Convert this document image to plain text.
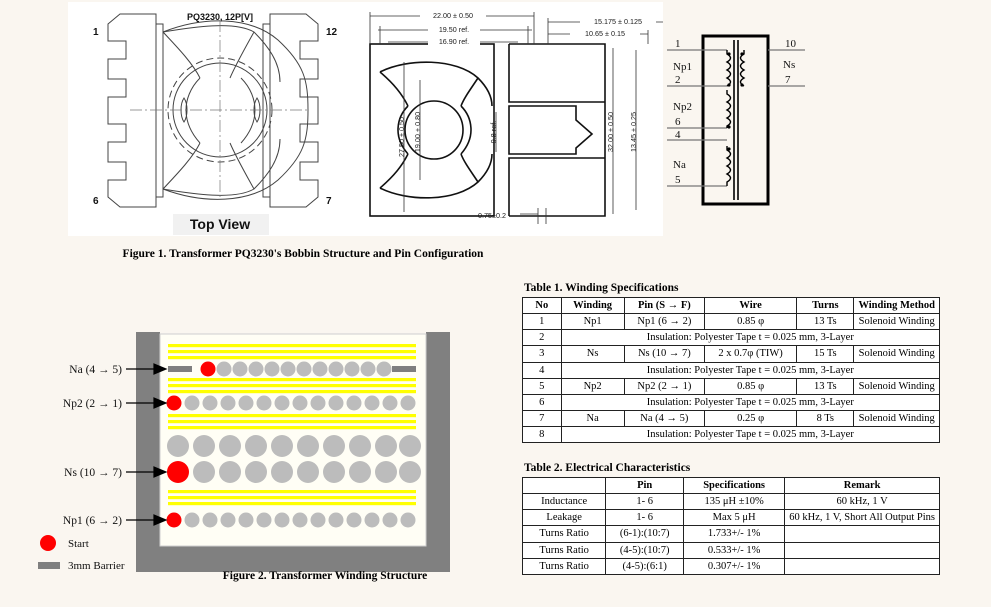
PQ3230, 12P[V]
1	12
6	7
Top View
22.00 ± 0.50
19.50 ref.
16.90 ref.
15.175 ± 0.125
10.65 ± 0.15
27.50 ± 0.50 19.00 + 0.80	9.8 ref.	13.45 ± 0.25
32.00 ± 0.50
0.75±0.2
1
2
6
4
5
10
7
Np1
Np2
Na
Ns
Figure 1. Transformer PQ3230's Bobbin Structure and Pin Configuration
Na (4 → 5)
Np2 (2 → 1)
Ns (10 → 7)
Np1 (6 → 2)
Start
3mm Barrier
Figure 2. Transformer Winding Structure
Table 1. Winding Specifications
No	Winding	Pin (S → F)	Wire	Turns	Winding Method
1	Np1	Np1 (6 → 2)	0.85 φ	13 Ts	Solenoid Winding
2	Insulation: Polyester Tape t = 0.025 mm, 3-Layer				
3	Ns	Ns (10 → 7)	2 x 0.7φ (TIW)	15 Ts	Solenoid Winding
4	Insulation: Polyester Tape t = 0.025 mm, 3-Layer				
5	Np2	Np2 (2 → 1)	0.85 φ	13 Ts	Solenoid Winding
6	Insulation: Polyester Tape t = 0.025 mm, 3-Layer				
7	Na	Na (4 → 5)	0.25 φ	8 Ts	Solenoid Winding
8	Insulation: Polyester Tape t = 0.025 mm, 3-Layer				
Table 2. Electrical Characteristics
	Pin	Specifications	Remark
Inductance	1- 6	135 μH ±10%	60 kHz, 1 V
Leakage	1- 6	Max 5 μH	60 kHz, 1 V, Short All Output Pins
Turns Ratio	(6-1):(10:7)	1.733+/- 1%	
Turns Ratio	(4-5):(10:7)	0.533+/- 1%	
Turns Ratio	(4-5):(6:1)	0.307+/- 1%	
